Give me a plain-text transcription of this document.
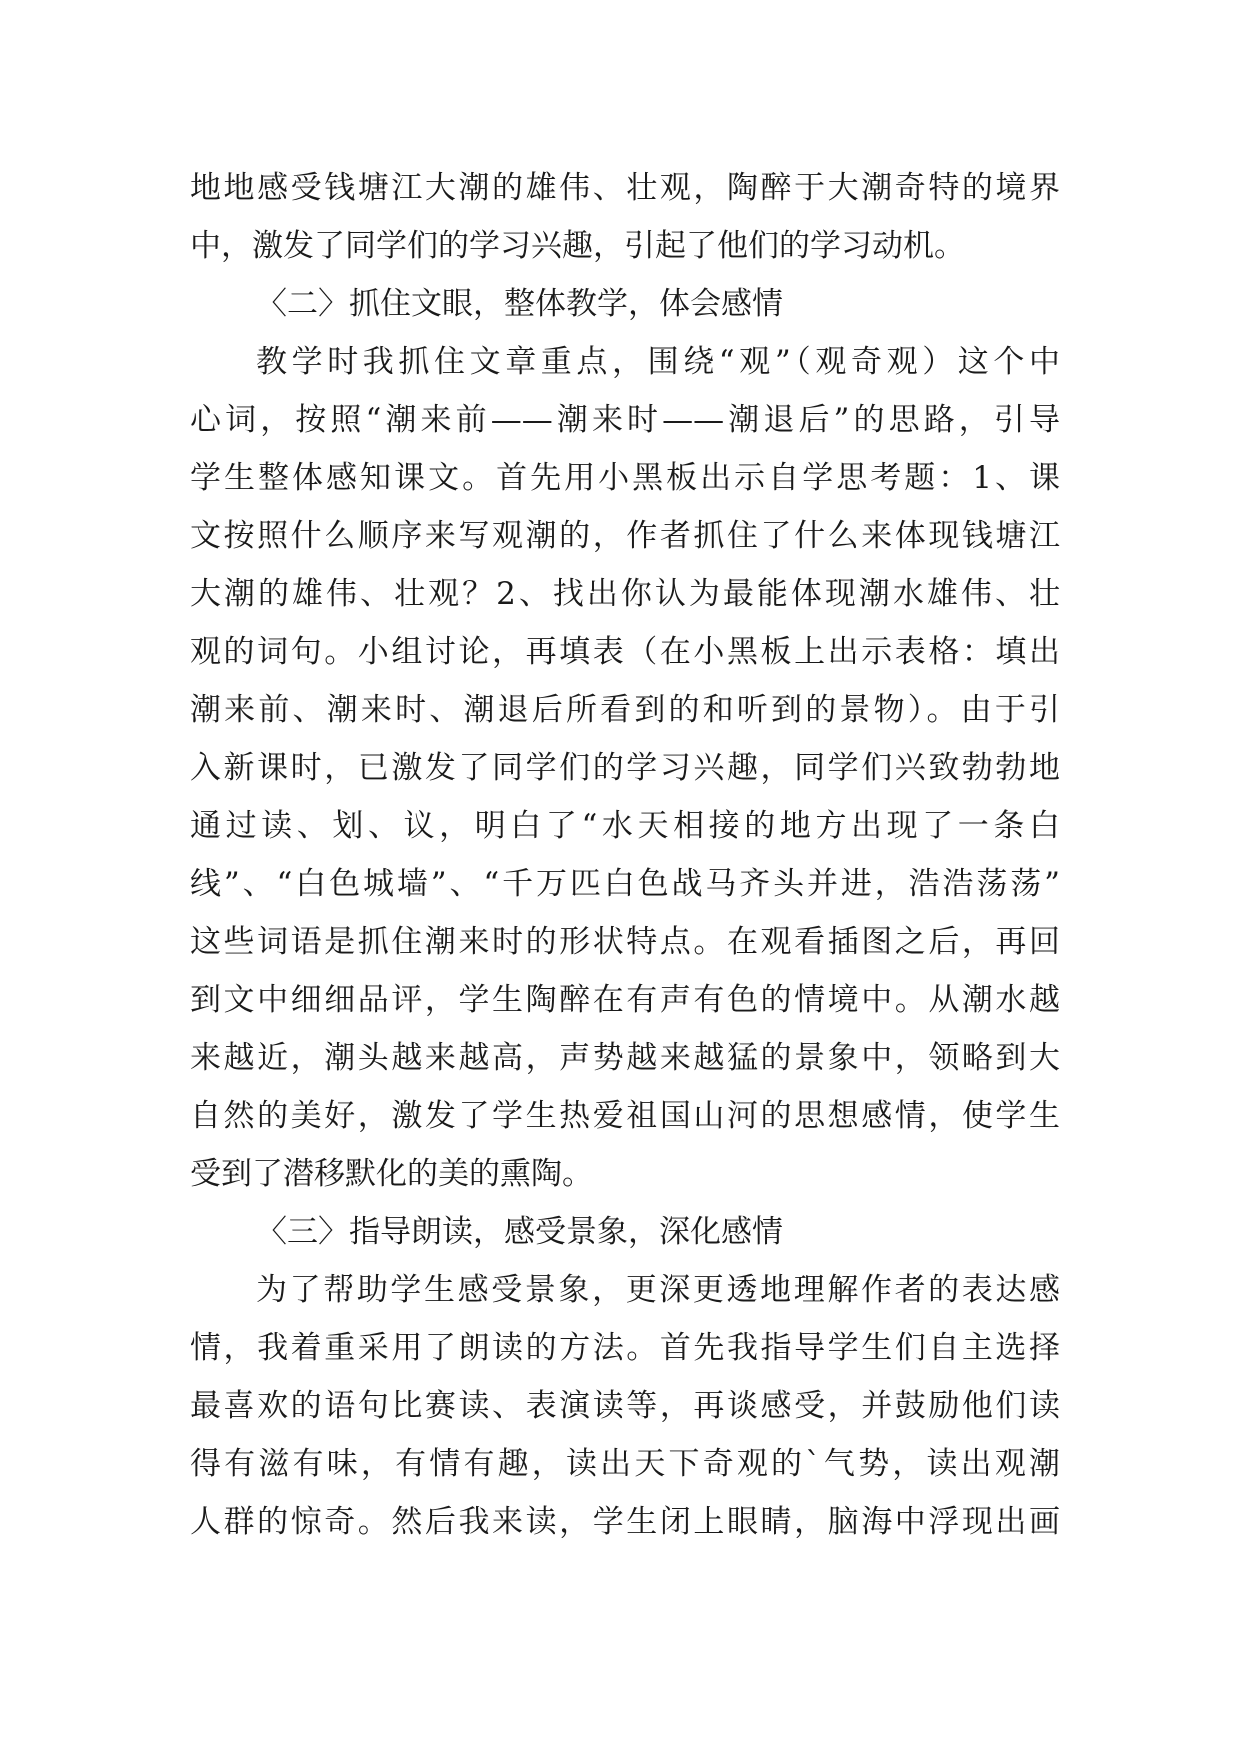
地地感受钱塘江大潮的雄伟、壮观，陶醉于大潮奇特的境界
中，激发了同学们的学习兴趣，引起了他们的学习动机。
〈二〉抓住文眼，整体教学，体会感情
教学时我抓住文章重点，围绕“观”（观奇观）这个中
心词，按照“潮来前——潮来时——潮退后”的思路，引导
学生整体感知课文。首先用小黑板出示自学思考题：1、课
文按照什么顺序来写观潮的，作者抓住了什么来体现钱塘江
大潮的雄伟、壮观？2、找出你认为最能体现潮水雄伟、壮
观的词句。小组讨论，再填表（在小黑板上出示表格：填出
潮来前、潮来时、潮退后所看到的和听到的景物）。由于引
入新课时，已激发了同学们的学习兴趣，同学们兴致勃勃地
通过读、划、议，明白了“水天相接的地方出现了一条白
线”、“白色城墙”、“千万匹白色战马齐头并进，浩浩荡荡”
这些词语是抓住潮来时的形状特点。在观看插图之后，再回
到文中细细品评，学生陶醉在有声有色的情境中。从潮水越
来越近，潮头越来越高，声势越来越猛的景象中，领略到大
自然的美好，激发了学生热爱祖国山河的思想感情，使学生
受到了潜移默化的美的熏陶。
〈三〉指导朗读，感受景象，深化感情
为了帮助学生感受景象，更深更透地理解作者的表达感
情，我着重采用了朗读的方法。首先我指导学生们自主选择
最喜欢的语句比赛读、表演读等，再谈感受，并鼓励他们读
得有滋有味，有情有趣，读出天下奇观的`气势，读出观潮
人群的惊奇。然后我来读，学生闭上眼睛，脑海中浮现出画
